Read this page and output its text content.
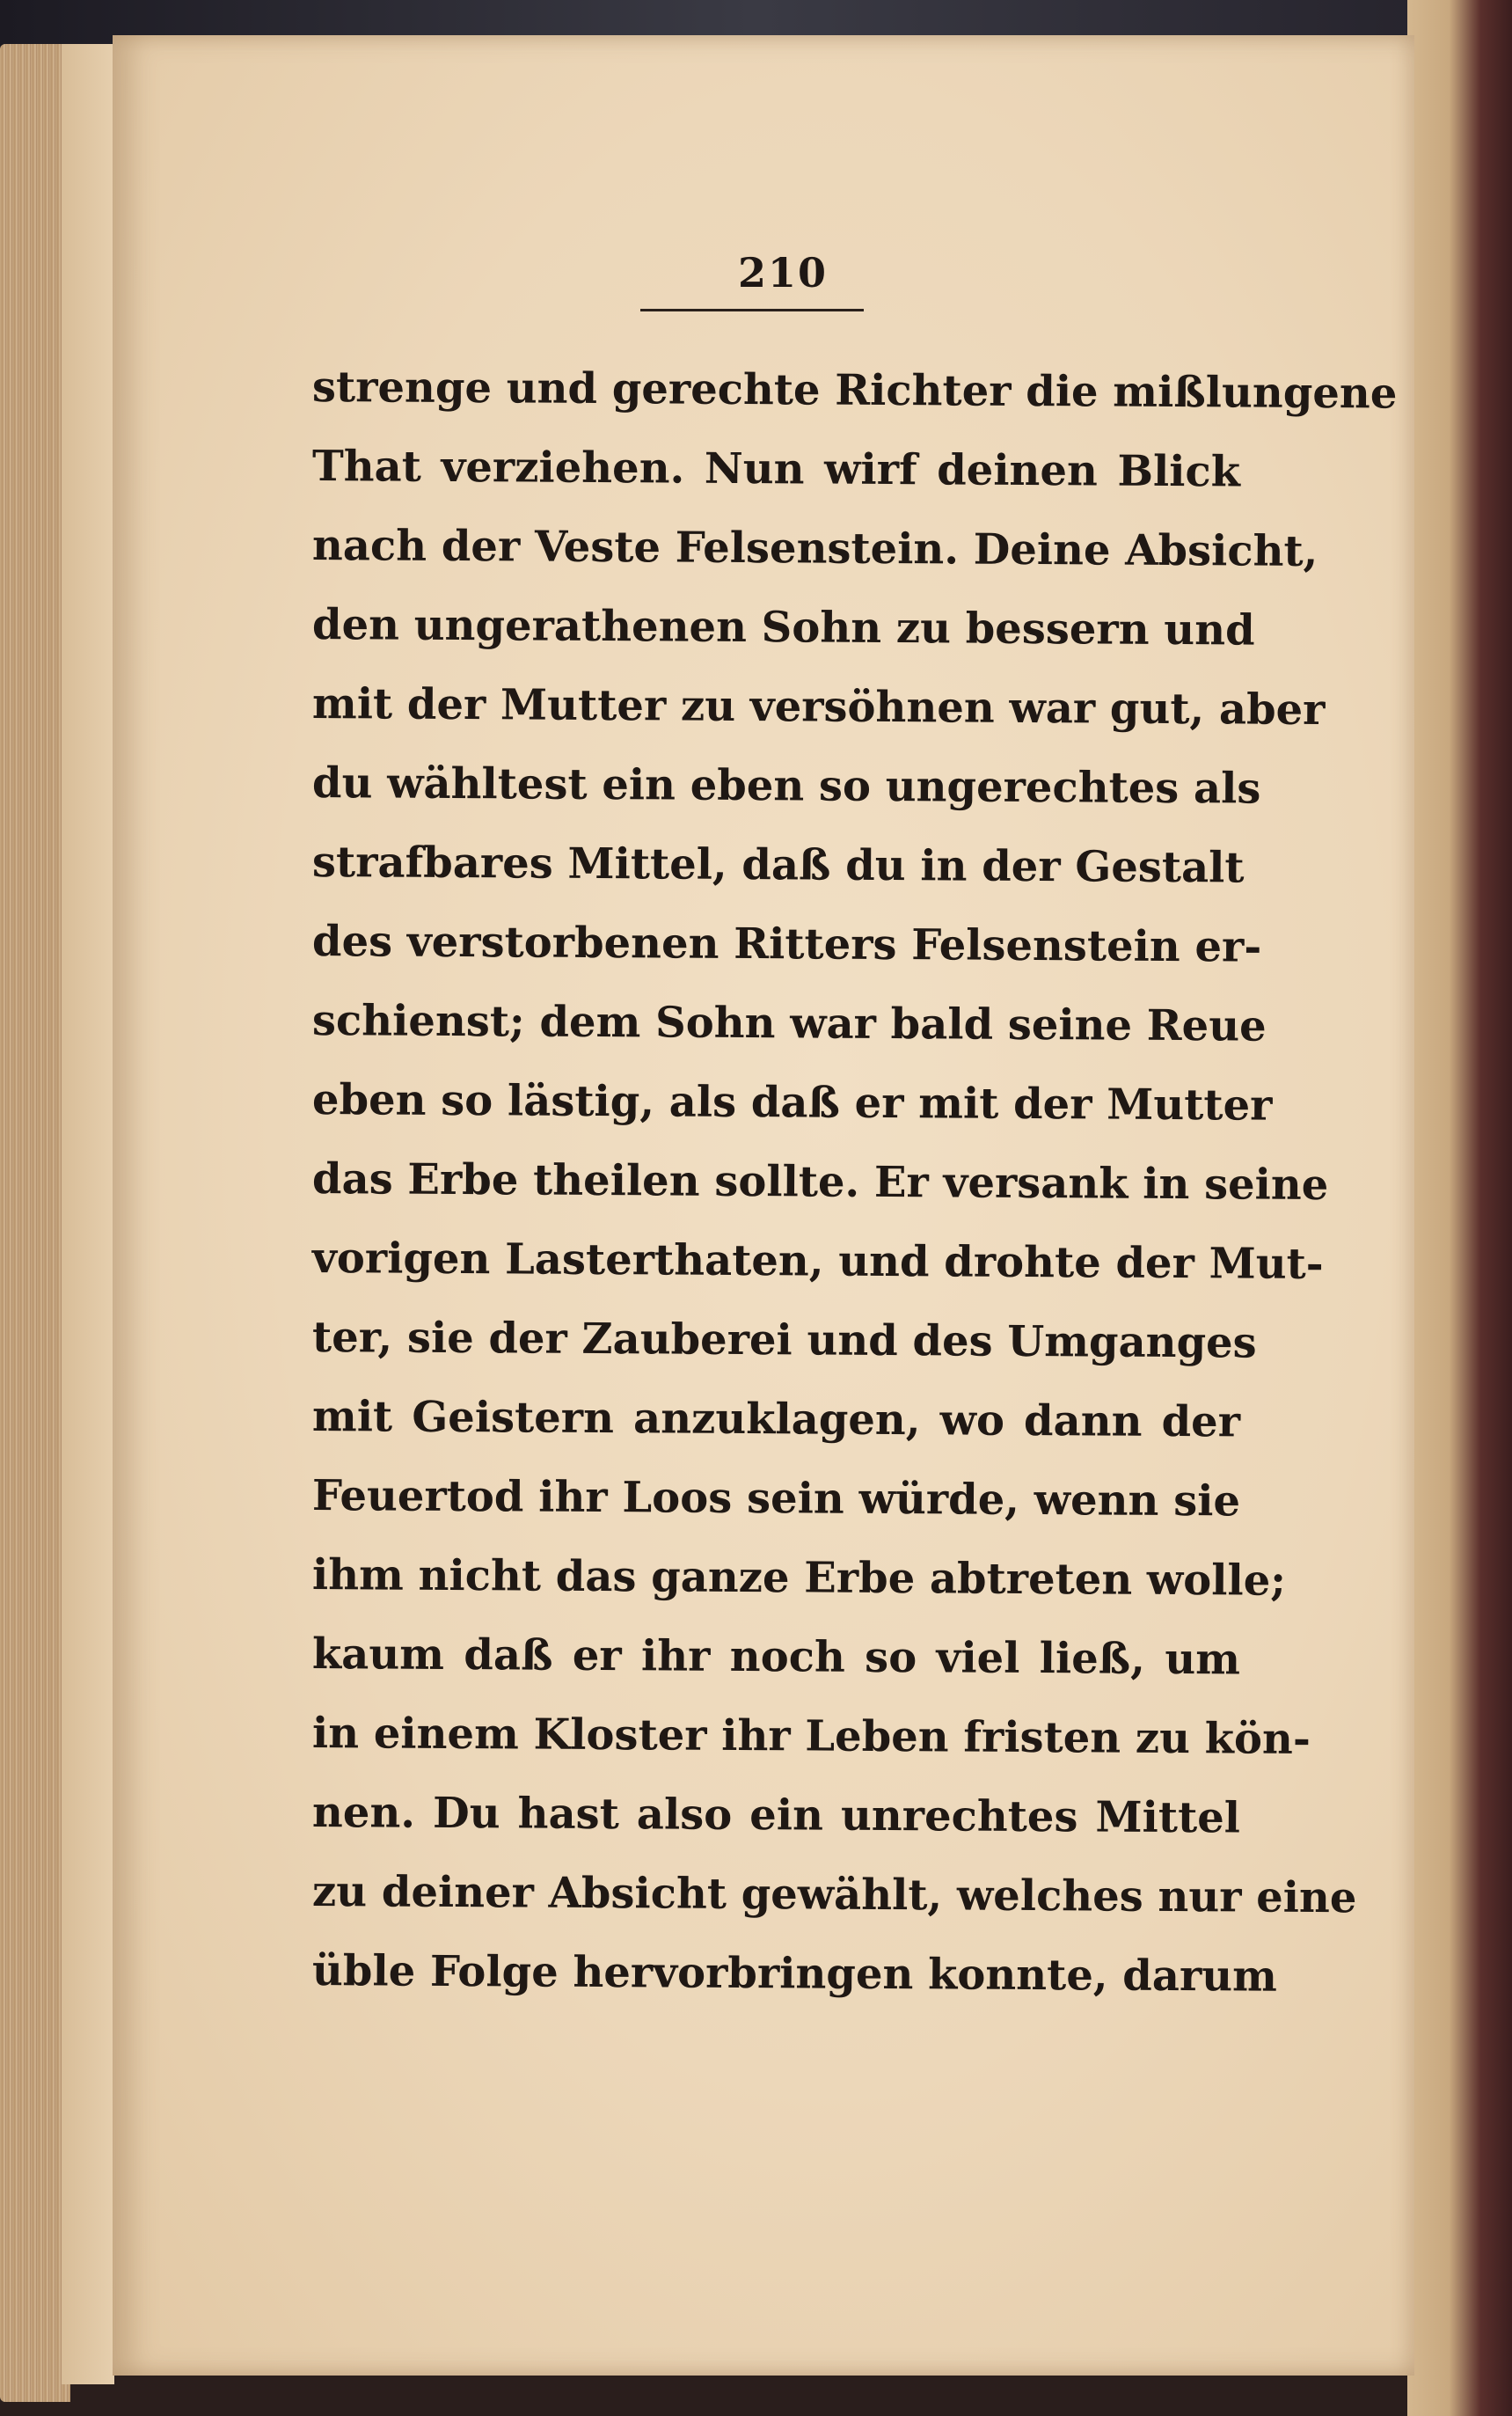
210
strenge und gerechte Richter die mißlungene
That verziehen. Nun wirf deinen Blick
nach der Veste Felsenstein. Deine Absicht,
den ungerathenen Sohn zu bessern und
mit der Mutter zu versöhnen war gut, aber
du wähltest ein eben so ungerechtes als
strafbares Mittel, daß du in der Gestalt
des verstorbenen Ritters Felsenstein er-
schienst; dem Sohn war bald seine Reue
eben so lästig, als daß er mit der Mutter
das Erbe theilen sollte. Er versank in seine
vorigen Lasterthaten, und drohte der Mut-
ter, sie der Zauberei und des Umganges
mit Geistern anzuklagen, wo dann der
Feuertod ihr Loos sein würde, wenn sie
ihm nicht das ganze Erbe abtreten wolle;
kaum daß er ihr noch so viel ließ, um
in einem Kloster ihr Leben fristen zu kön-
nen. Du hast also ein unrechtes Mittel
zu deiner Absicht gewählt, welches nur eine
üble Folge hervorbringen konnte, darum
